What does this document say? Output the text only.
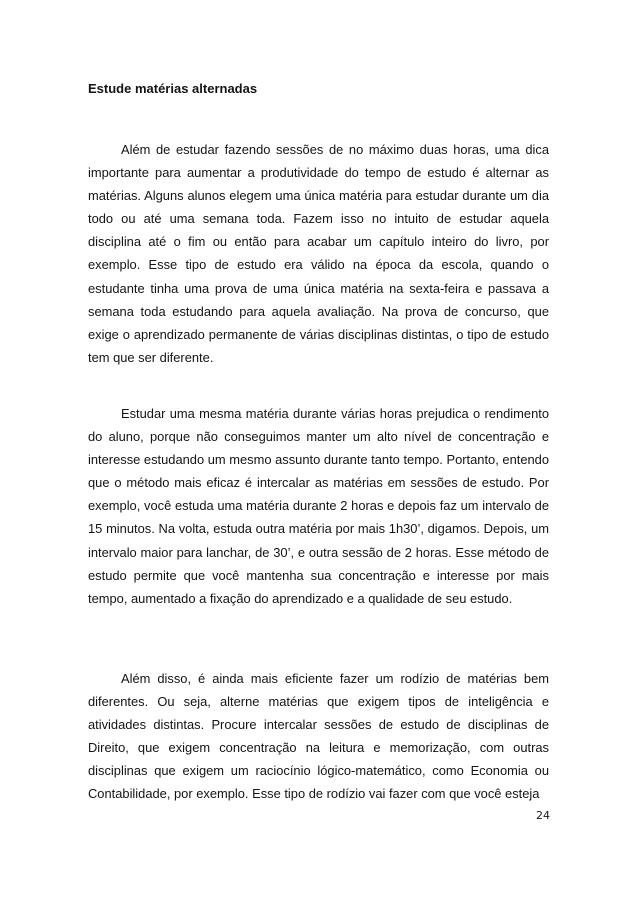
Estude matérias alternadas

Além de estudar fazendo sessões de no máximo duas horas, uma dica importante para aumentar a produtividade do tempo de estudo é alternar as matérias. Alguns alunos elegem uma única matéria para estudar durante um dia todo ou até uma semana toda. Fazem isso no intuito de estudar aquela disciplina até o fim ou então para acabar um capítulo inteiro do livro, por exemplo. Esse tipo de estudo era válido na época da escola, quando o estudante tinha uma prova de uma única matéria na sexta-feira e passava a semana toda estudando para aquela avaliação. Na prova de concurso, que exige o aprendizado permanente de várias disciplinas distintas, o tipo de estudo tem que ser diferente.

Estudar uma mesma matéria durante várias horas prejudica o rendimento do aluno, porque não conseguimos manter um alto nível de concentração e interesse estudando um mesmo assunto durante tanto tempo. Portanto, entendo que o método mais eficaz é intercalar as matérias em sessões de estudo. Por exemplo, você estuda uma matéria durante 2 horas e depois faz um intervalo de 15 minutos. Na volta, estuda outra matéria por mais 1h30’, digamos. Depois, um intervalo maior para lanchar, de 30’, e outra sessão de 2 horas. Esse método de estudo permite que você mantenha sua concentração e interesse por mais tempo, aumentado a fixação do aprendizado e a qualidade de seu estudo.

Além disso, é ainda mais eficiente fazer um rodízio de matérias bem diferentes. Ou seja, alterne matérias que exigem tipos de inteligência e atividades distintas. Procure intercalar sessões de estudo de disciplinas de Direito, que exigem concentração na leitura e memorização, com outras disciplinas que exigem um raciocínio lógico-matemático, como Economia ou Contabilidade, por exemplo. Esse tipo de rodízio vai fazer com que você esteja

24
